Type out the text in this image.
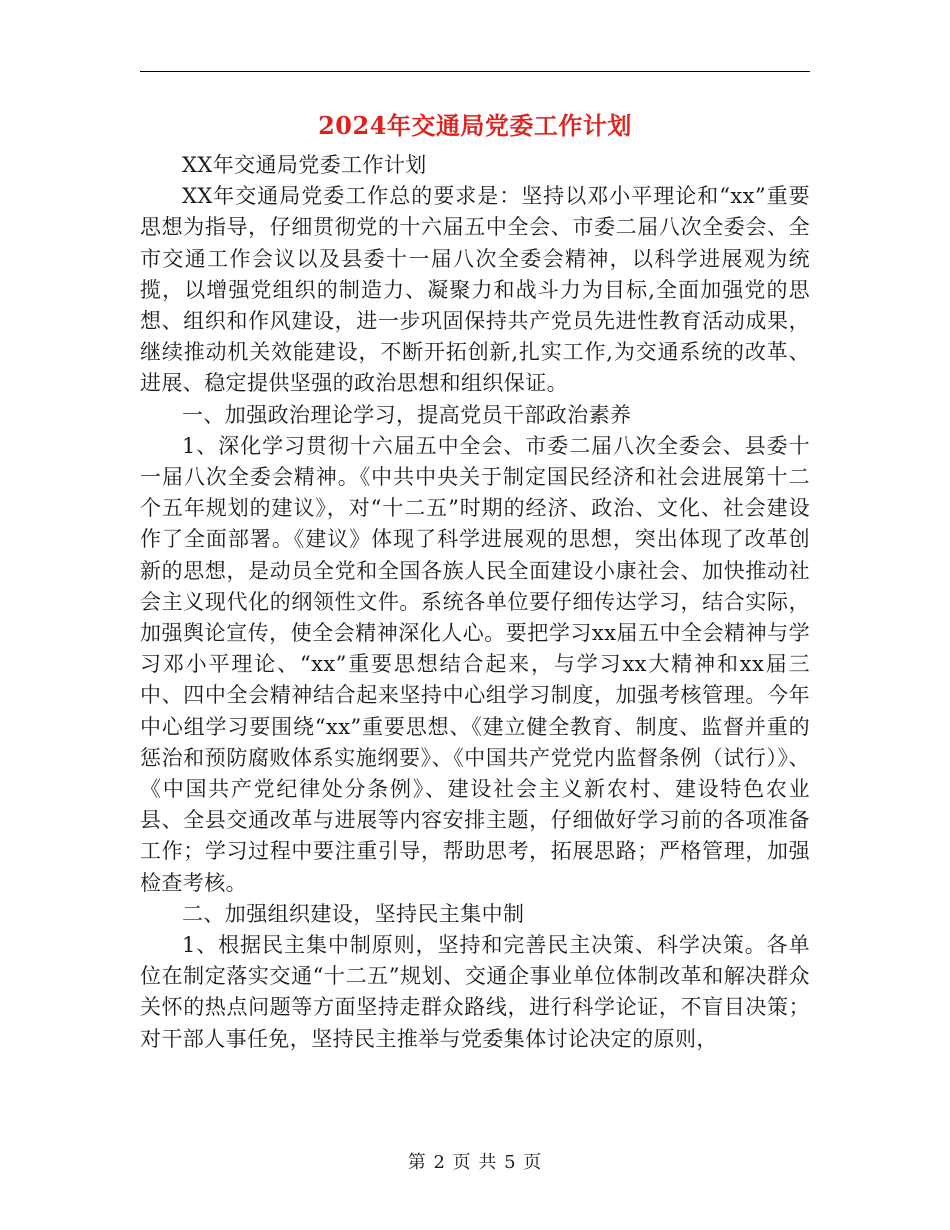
2024年交通局党委工作计划

XX年交通局党委工作计划

XX年交通局党委工作总的要求是：坚持以邓小平理论和“xx”重要思想为指导，仔细贯彻党的十六届五中全会、市委二届八次全委会、全市交通工作会议以及县委十一届八次全委会精神，以科学进展观为统揽，以增强党组织的制造力、凝聚力和战斗力为目标,全面加强党的思想、组织和作风建设，进一步巩固保持共产党员先进性教育活动成果，继续推动机关效能建设，不断开拓创新,扎实工作,为交通系统的改革、进展、稳定提供坚强的政治思想和组织保证。

一、加强政治理论学习，提高党员干部政治素养

1、深化学习贯彻十六届五中全会、市委二届八次全委会、县委十一届八次全委会精神。《中共中央关于制定国民经济和社会进展第十二个五年规划的建议》，对“十二五”时期的经济、政治、文化、社会建设作了全面部署。《建议》体现了科学进展观的思想，突出体现了改革创新的思想，是动员全党和全国各族人民全面建设小康社会、加快推动社会主义现代化的纲领性文件。系统各单位要仔细传达学习，结合实际，加强舆论宣传，使全会精神深化人心。要把学习xx届五中全会精神与学习邓小平理论、“xx”重要思想结合起来，与学习xx大精神和xx届三中、四中全会精神结合起来坚持中心组学习制度，加强考核管理。今年中心组学习要围绕“xx”重要思想、《建立健全教育、制度、监督并重的惩治和预防腐败体系实施纲要》、《中国共产党党内监督条例（试行）》、《中国共产党纪律处分条例》、建设社会主义新农村、建设特色农业县、全县交通改革与进展等内容安排主题，仔细做好学习前的各项准备工作；学习过程中要注重引导，帮助思考，拓展思路；严格管理，加强检查考核。

二、加强组织建设，坚持民主集中制

1、根据民主集中制原则，坚持和完善民主决策、科学决策。各单位在制定落实交通“十二五”规划、交通企事业单位体制改革和解决群众关怀的热点问题等方面坚持走群众路线，进行科学论证，不盲目决策；对干部人事任免，坚持民主推举与党委集体讨论决定的原则，

第 2 页 共 5 页
